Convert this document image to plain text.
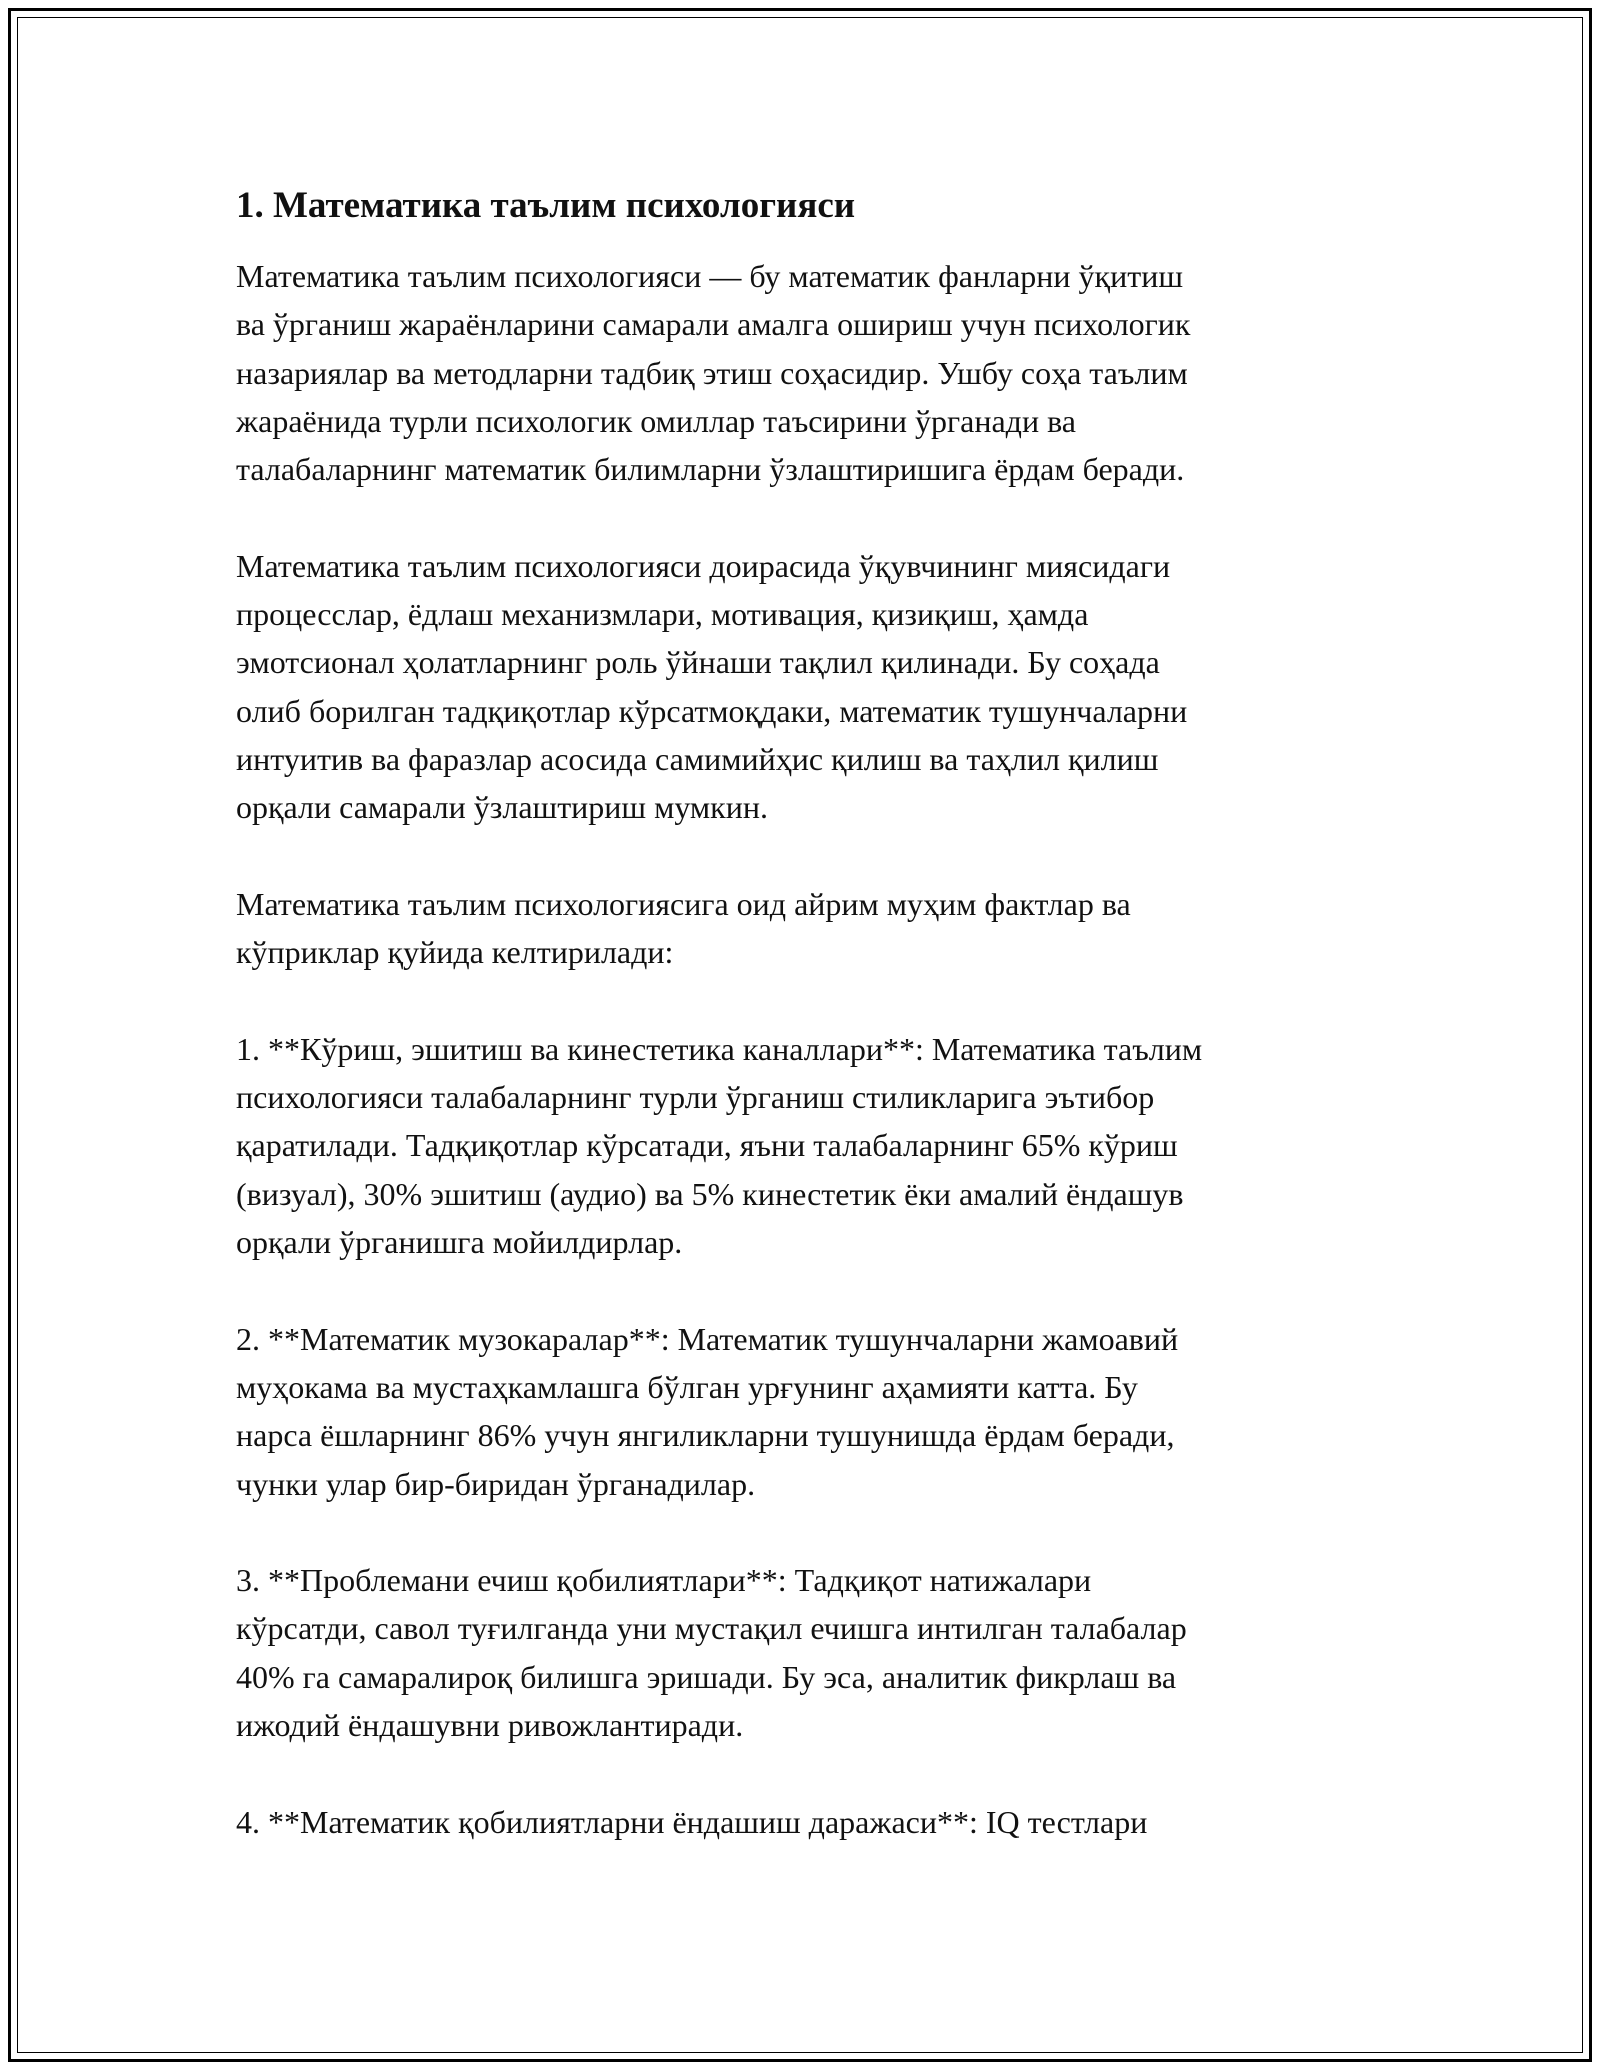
1. Математика таълим психологияси

Математика таълим психологияси — бу математик фанларни ўқитиш
ва ўрганиш жараёнларини самарали амалга ошириш учун психологик
назариялар ва методларни тадбиқ этиш соҳасидир. Ушбу соҳа таълим
жараёнида турли психологик омиллар таъсирини ўрганади ва
талабаларнинг математик билимларни ўзлаштиришига ёрдам беради.

Математика таълим психологияси доирасида ўқувчининг миясидаги
процесслар, ёдлаш механизмлари, мотивация, қизиқиш, ҳамда
эмотсионал ҳолатларнинг роль ўйнаши тақлил қилинади. Бу соҳада
олиб борилган тадқиқотлар кўрсатмоқдаки, математик тушунчаларни
интуитив ва фаразлар асосида самимийҳис қилиш ва таҳлил қилиш
орқали самарали ўзлаштириш мумкин.

Математика таълим психологиясига оид айрим муҳим фактлар ва
кўприклар қуйида келтирилади:

1. **Кўриш, эшитиш ва кинестетика каналлари**: Математика таълим
психологияси талабаларнинг турли ўрганиш стиликларига эътибор
қаратилади. Тадқиқотлар кўрсатади, яъни талабаларнинг 65% кўриш
(визуал), 30% эшитиш (аудио) ва 5% кинестетик ёки амалий ёндашув
орқали ўрганишга мойилдирлар.

2. **Математик музокаралар**: Математик тушунчаларни жамоавий
муҳокама ва мустаҳкамлашга бўлган урғунинг аҳамияти катта. Бу
нарса ёшларнинг 86% учун янгиликларни тушунишда ёрдам беради,
чунки улар бир-биридан ўрганадилар.

3. **Проблемани ечиш қобилиятлари**: Тадқиқот натижалари
кўрсатди, савол туғилганда уни мустақил ечишга интилган талабалар
40% га самаралироқ билишга эришади. Бу эса, аналитик фикрлаш ва
ижодий ёндашувни ривожлантиради.

4. **Математик қобилиятларни ёндашиш даражаси**: IQ тестлари
